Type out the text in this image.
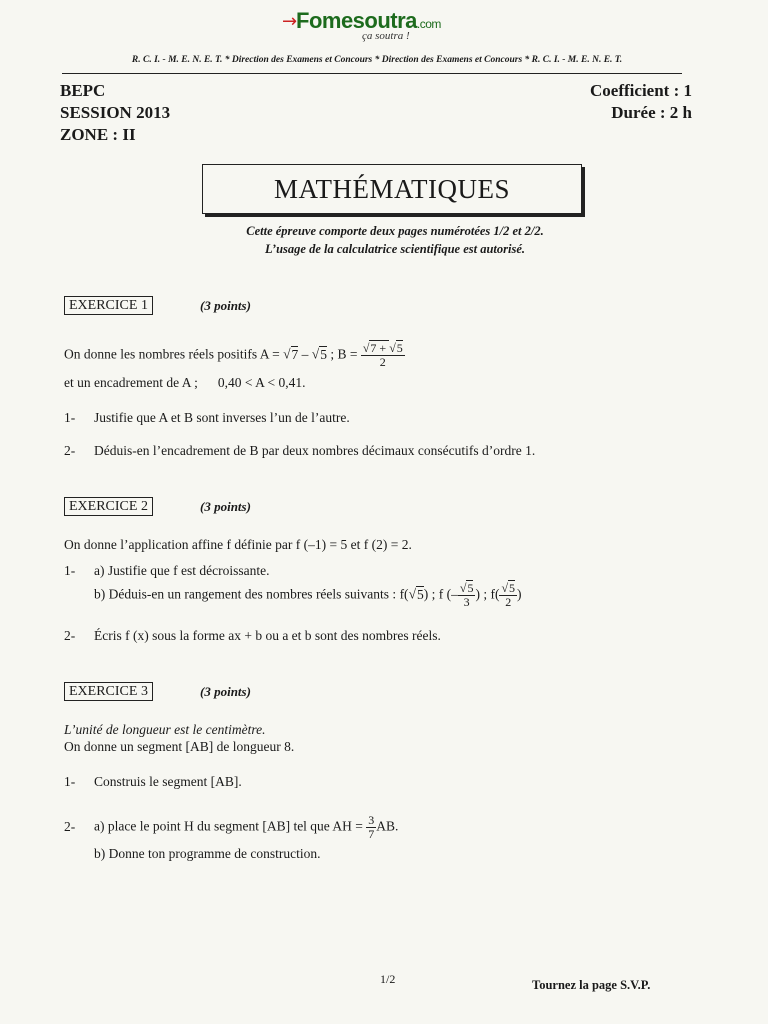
→
Fomesoutra.com
ça soutra !
R. C. I. - M. E. N. E. T. * Direction des Examens et Concours * Direction des Examens et Concours * R. C. I. - M. E. N. E. T.
BEPC
SESSION 2013
ZONE : II
Coefficient : 1
Durée : 2 h
MATHÉMATIQUES
Cette épreuve comporte deux pages numérotées 1/2 et 2/2.
L’usage de la calculatrice scientifique est autorisé.
EXERCICE 1	(3 points)
On donne les nombres réels positifs A = √7 – √5 ; $B = \frac{√7 + √5}{2}$
et un encadrement de A ; 0,40 < A < 0,41.
1- Justifie que A et B sont inverses l’un de l’autre.
2- Déduis-en l’encadrement de B par deux nombres décimaux consécutifs d’ordre 1.
EXERCICE 2	(3 points)
On donne l’application affine f définie par f (–1) = 5 et f (2) = 2.
1- a) Justifie que f est décroissante.
b) Déduis-en un rangement des nombres réels suivants : f(√5) ; f (– $\frac{√5}{3}$ ) ; $f( \frac{√5}{2}$ )
2- Écris f (x) sous la forme ax + b ou a et b sont des nombres réels.
EXERCICE 3	(3 points)
L’unité de longueur est le centimètre.
On donne un segment [AB] de longueur 8.
1- Construis le segment [AB].
2- a) place le point H du segment [AB] tel que AH = $\frac{3}{7}$ AB.
b) Donne ton programme de construction.
1/2	Tournez la page S.V.P.
